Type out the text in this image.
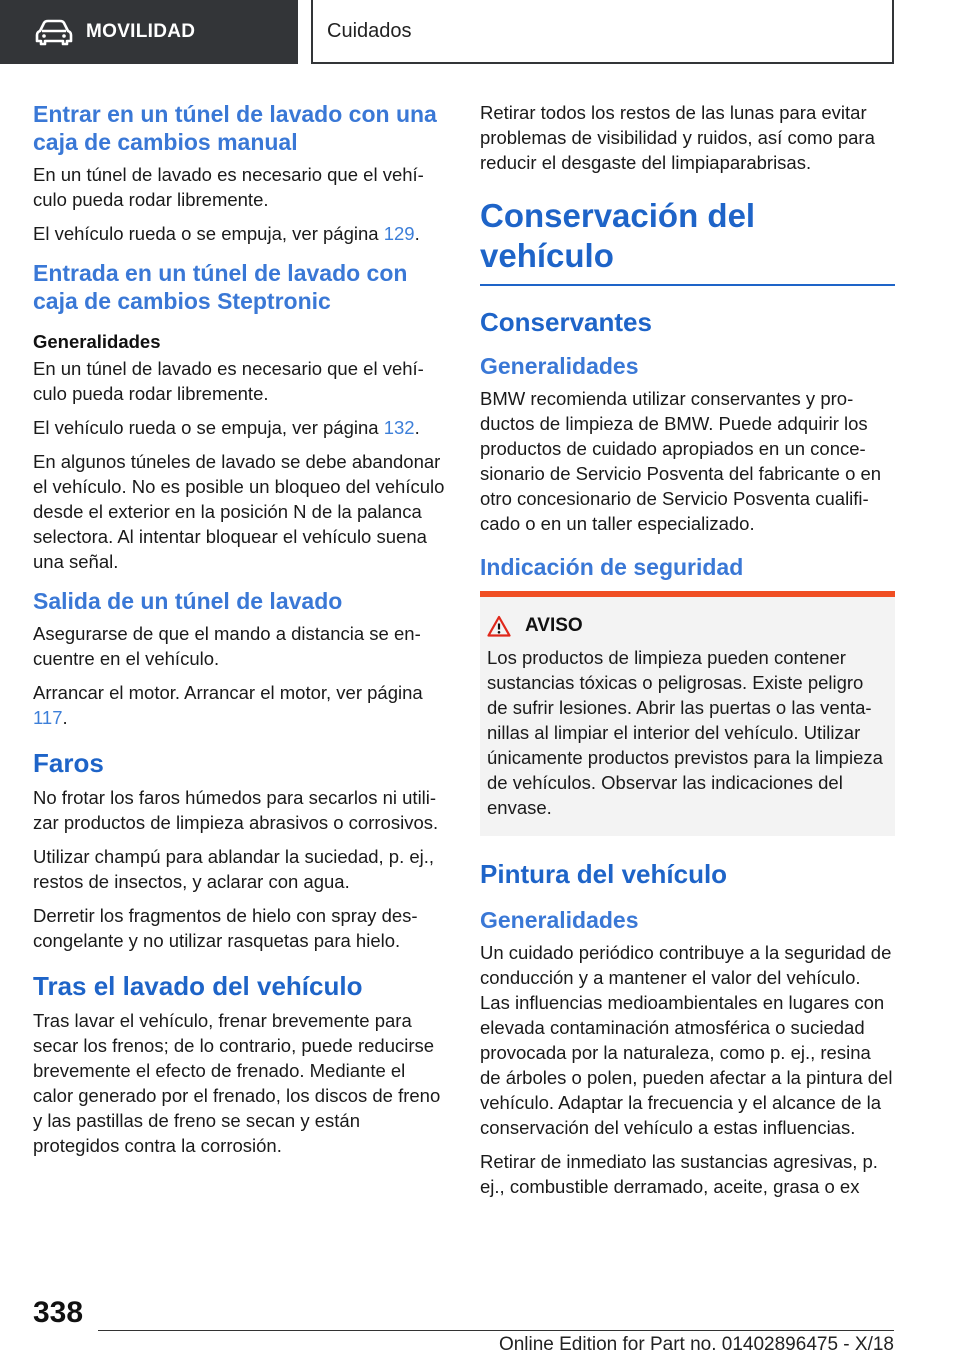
MOVILIDAD	Cuidados
Entrar en un túnel de lavado con una caja de cambios manual

En un túnel de lavado es necesario que el vehículo pueda rodar libremente.

El vehículo rueda o se empuja, ver página 129.

Entrada en un túnel de lavado con caja de cambios Steptronic
Generalidades

En un túnel de lavado es necesario que el vehículo pueda rodar libremente.

El vehículo rueda o se empuja, ver página 132.

En algunos túneles de lavado se debe abandonar el vehículo. No es posible un bloqueo del vehículo desde el exterior en la posición N de la palanca selectora. Al intentar bloquear el vehículo suena una señal.

Salida de un túnel de lavado

Asegurarse de que el mando a distancia se encuentre en el vehículo.

Arrancar el motor. Arrancar el motor, ver página 117.

Faros

No frotar los faros húmedos para secarlos ni utilizar productos de limpieza abrasivos o corrosivos.

Utilizar champú para ablandar la suciedad, p. ej., restos de insectos, y aclarar con agua.

Derretir los fragmentos de hielo con spray descongelante y no utilizar rasquetas para hielo.

Tras el lavado del vehículo

Tras lavar el vehículo, frenar brevemente para secar los frenos; de lo contrario, puede reducirse brevemente el efecto de frenado. Mediante el calor generado por el frenado, los discos de freno y las pastillas de freno se secan y están protegidos contra la corrosión.

Retirar todos los restos de las lunas para evitar problemas de visibilidad y ruidos, así como para reducir el desgaste del limpiaparabrisas.

Conservación del vehículo
Conservantes
Generalidades

BMW recomienda utilizar conservantes y productos de limpieza de BMW. Puede adquirir los productos de cuidado apropiados en un concesionario de Servicio Posventa del fabricante o en otro concesionario de Servicio Posventa cualificado o en un taller especializado.

Indicación de seguridad
AVISO

Los productos de limpieza pueden contener sustancias tóxicas o peligrosas. Existe peligro de sufrir lesiones. Abrir las puertas o las ventanillas al limpiar el interior del vehículo. Utilizar únicamente productos previstos para la limpieza de vehículos. Observar las indicaciones del envase.

Pintura del vehículo
Generalidades

Un cuidado periódico contribuye a la seguridad de conducción y a mantener el valor del vehículo. Las influencias medioambientales en lugares con elevada contaminación atmosférica o suciedad provocada por la naturaleza, como p. ej., resina de árboles o polen, pueden afectar a la pintura del vehículo. Adaptar la frecuencia y el alcance de la conservación del vehículo a estas influencias.

Retirar de inmediato las sustancias agresivas, p. ej., combustible derramado, aceite, grasa o ex

338
Online Edition for Part no. 01402896475 - X/18
